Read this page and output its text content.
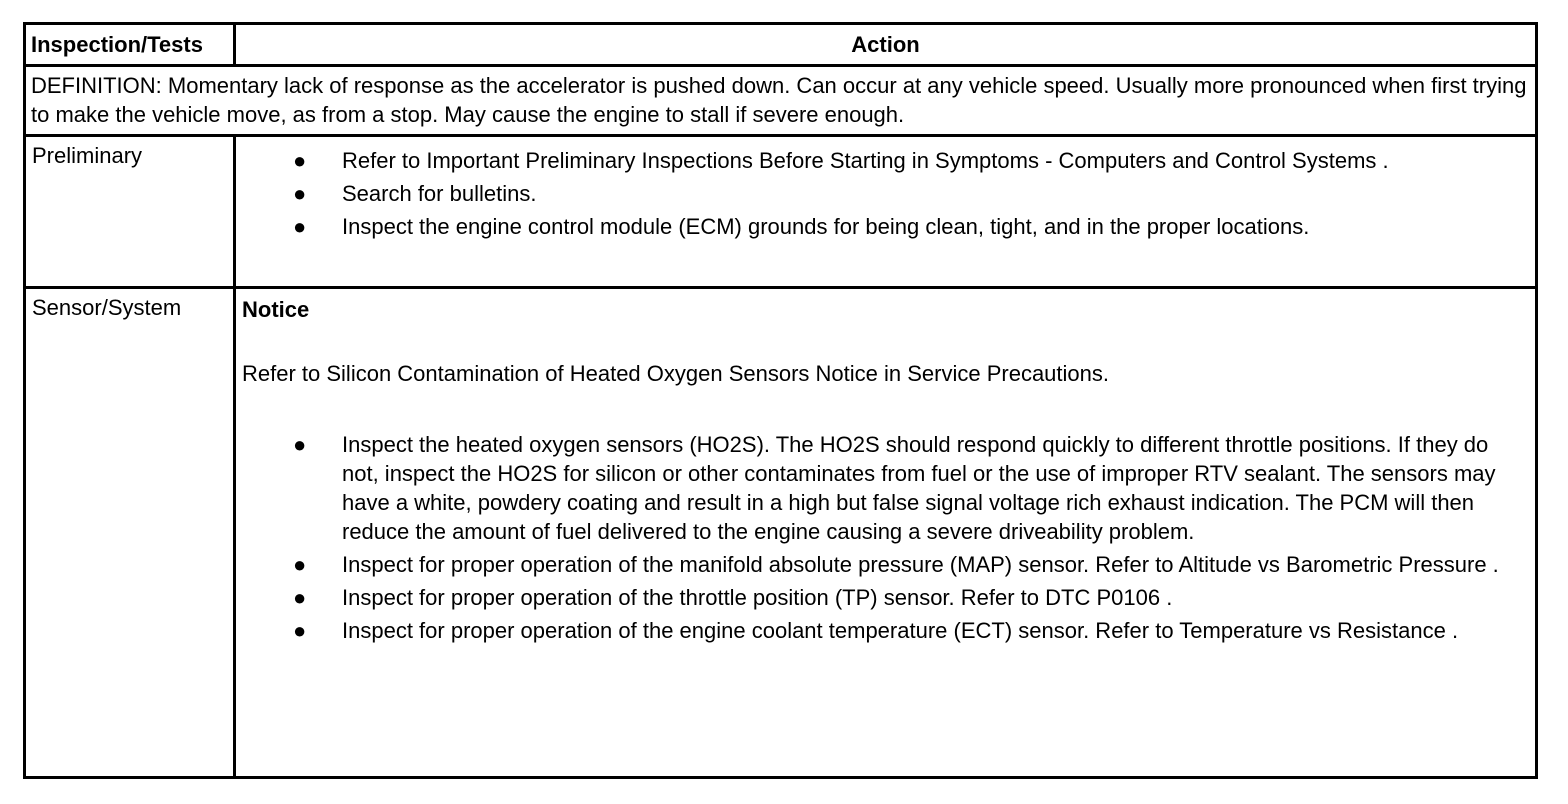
Inspection/Tests	Action
DEFINITION: Momentary lack of response as the accelerator is pushed down. Can occur at any vehicle speed. Usually more pronounced when first trying to make the vehicle move, as from a stop. May cause the engine to stall if severe enough.
Preliminary	● Refer to Important Preliminary Inspections Before Starting in Symptoms - Computers and Control Systems .
● Search for bulletins.
● Inspect the engine control module (ECM) grounds for being clean, tight, and in the proper locations.
Sensor/System	Notice
Refer to Silicon Contamination of Heated Oxygen Sensors Notice in Service Precautions.
● Inspect the heated oxygen sensors (HO2S). The HO2S should respond quickly to different throttle positions. If they do not, inspect the HO2S for silicon or other contaminates from fuel or the use of improper RTV sealant. The sensors may have a white, powdery coating and result in a high but false signal voltage rich exhaust indication. The PCM will then reduce the amount of fuel delivered to the engine causing a severe driveability problem.
● Inspect for proper operation of the manifold absolute pressure (MAP) sensor. Refer to Altitude vs Barometric Pressure .
● Inspect for proper operation of the throttle position (TP) sensor. Refer to DTC P0106 .
● Inspect for proper operation of the engine coolant temperature (ECT) sensor. Refer to Temperature vs Resistance .
